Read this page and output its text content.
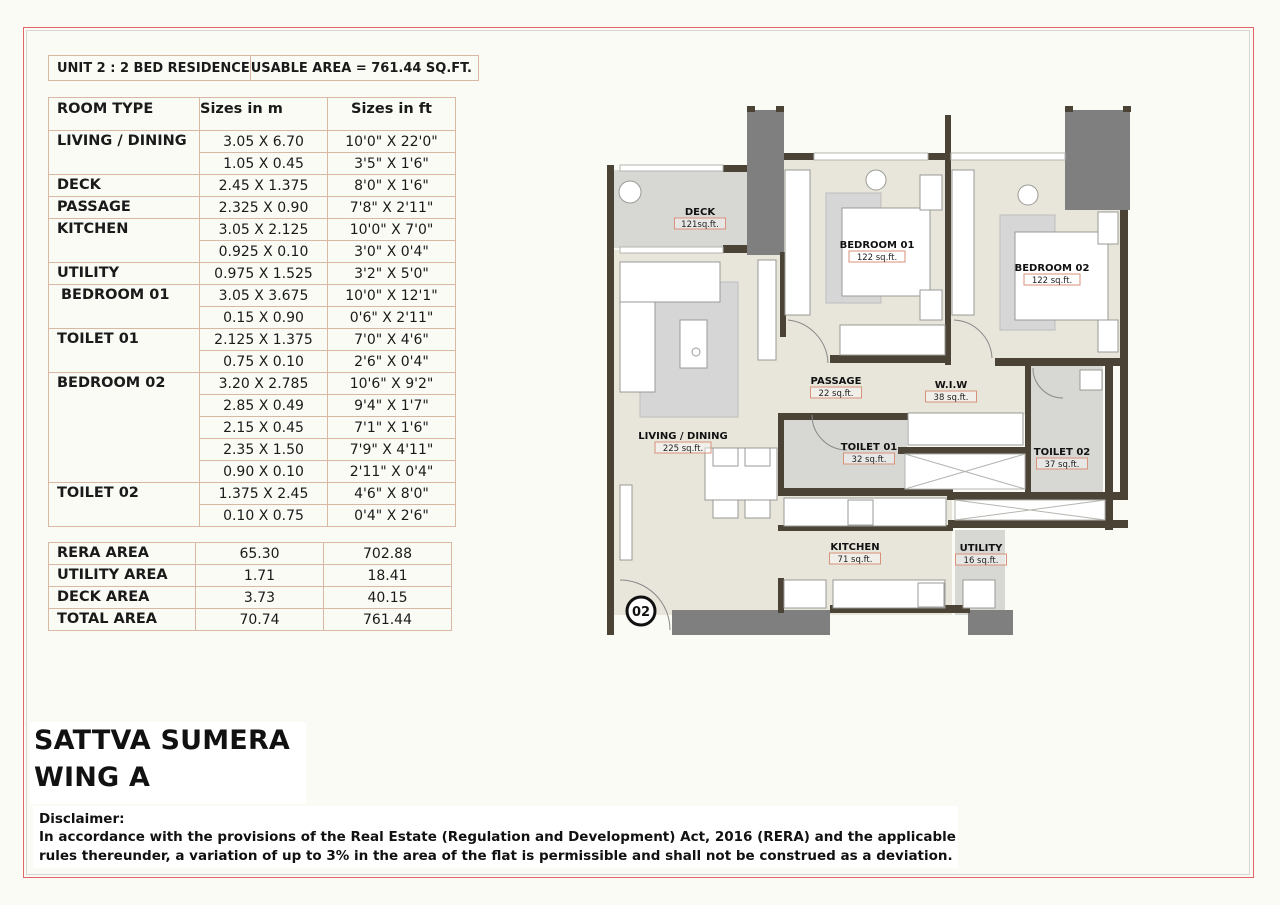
UNIT 2 : 2 BED RESIDENCE	USABLE AREA = 761.44 SQ.FT.
ROOM TYPE	Sizes in m	Sizes in ft
LIVING / DINING	3.05 X 6.70	10'0" X 22'0"
	1.05 X 0.45	3'5" X 1'6"
DECK	2.45 X 1.375	8'0" X 1'6"
PASSAGE	2.325 X 0.90	7'8" X 2'11"
KITCHEN	3.05 X 2.125	10'0" X 7'0"
	0.925 X 0.10	3'0" X 0'4"
UTILITY	0.975 X 1.525	3'2" X 5'0"
BEDROOM 01	3.05 X 3.675	10'0" X 12'1"
	0.15 X 0.90	0'6" X 2'11"
TOILET 01	2.125 X 1.375	7'0" X 4'6"
	0.75 X 0.10	2'6" X 0'4"
BEDROOM 02	3.20 X 2.785	10'6" X 9'2"
	2.85 X 0.49	9'4" X 1'7"
	2.15 X 0.45	7'1" X 1'6"
	2.35 X 1.50	7'9" X 4'11"
	0.90 X 0.10	2'11" X 0'4"
TOILET 02	1.375 X 2.45	4'6" X 8'0"
	0.10 X 0.75	0'4" X 2'6"
RERA AREA	65.30	702.88
UTILITY AREA	1.71	18.41
DECK AREA	3.73	40.15
TOTAL AREA	70.74	761.44
SATTVA SUMERA
WING A
Disclaimer:
In accordance with the provisions of the Real Estate (Regulation and Development) Act, 2016 (RERA) and the applicable rules thereunder, a variation of up to 3% in the area of the flat is permissible and shall not be construed as a deviation.
02
DECK
121sq.ft.
BEDROOM 01
122 sq.ft.
BEDROOM 02
122 sq.ft.
PASSAGE
22 sq.ft.
W.I.W
38 sq.ft.
LIVING / DINING
225 sq.ft.	TOILET 01
32 sq.ft.
TOILET 02
37 sq.ft.
KITCHEN
71 sq.ft.
UTILITY
16 sq.ft.
